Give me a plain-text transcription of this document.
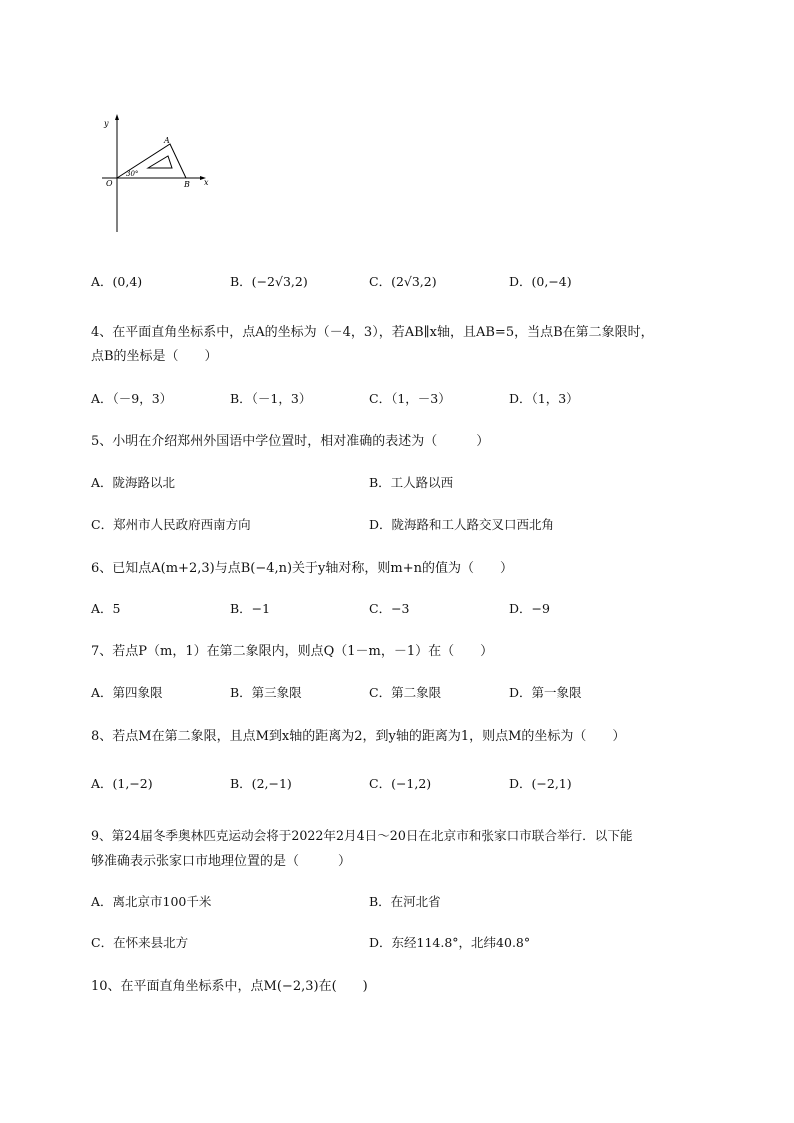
y
x
O
A
B
30°
A．(0,4)	B．(−2√3,2)	C．(2√3,2)	D．(0,−4)
4、在平面直角坐标系中，点A的坐标为（－4，3），若AB∥x轴，且AB=5，当点B在第二象限时，
点B的坐标是（　　）
A．（－9，3）	B．（－1，3）	C．（1，－3）	D．（1，3）
5、小明在介绍郑州外国语中学位置时，相对准确的表述为（　　　）
A．陇海路以北	B．工人路以西
C．郑州市人民政府西南方向	D．陇海路和工人路交叉口西北角
6、已知点A(m+2,3)与点B(−4,n)关于y轴对称，则m+n的值为（　　）
A．5	B．−1	C．−3	D．−9
7、若点P（m，1）在第二象限内，则点Q（1－m，－1）在（　　）
A．第四象限	B．第三象限	C．第二象限	D．第一象限
8、若点M在第二象限，且点M到x轴的距离为2，到y轴的距离为1，则点M的坐标为（　　）
A．(1,−2)	B．(2,−1)	C．(−1,2)	D．(−2,1)
9、第24届冬季奥林匹克运动会将于2022年2月4日～20日在北京市和张家口市联合举行．以下能
够准确表示张家口市地理位置的是（　　　）
A．离北京市100千米	B．在河北省
C．在怀来县北方	D．东经114.8°，北纬40.8°
10、在平面直角坐标系中，点M(−2,3)在(　　)
